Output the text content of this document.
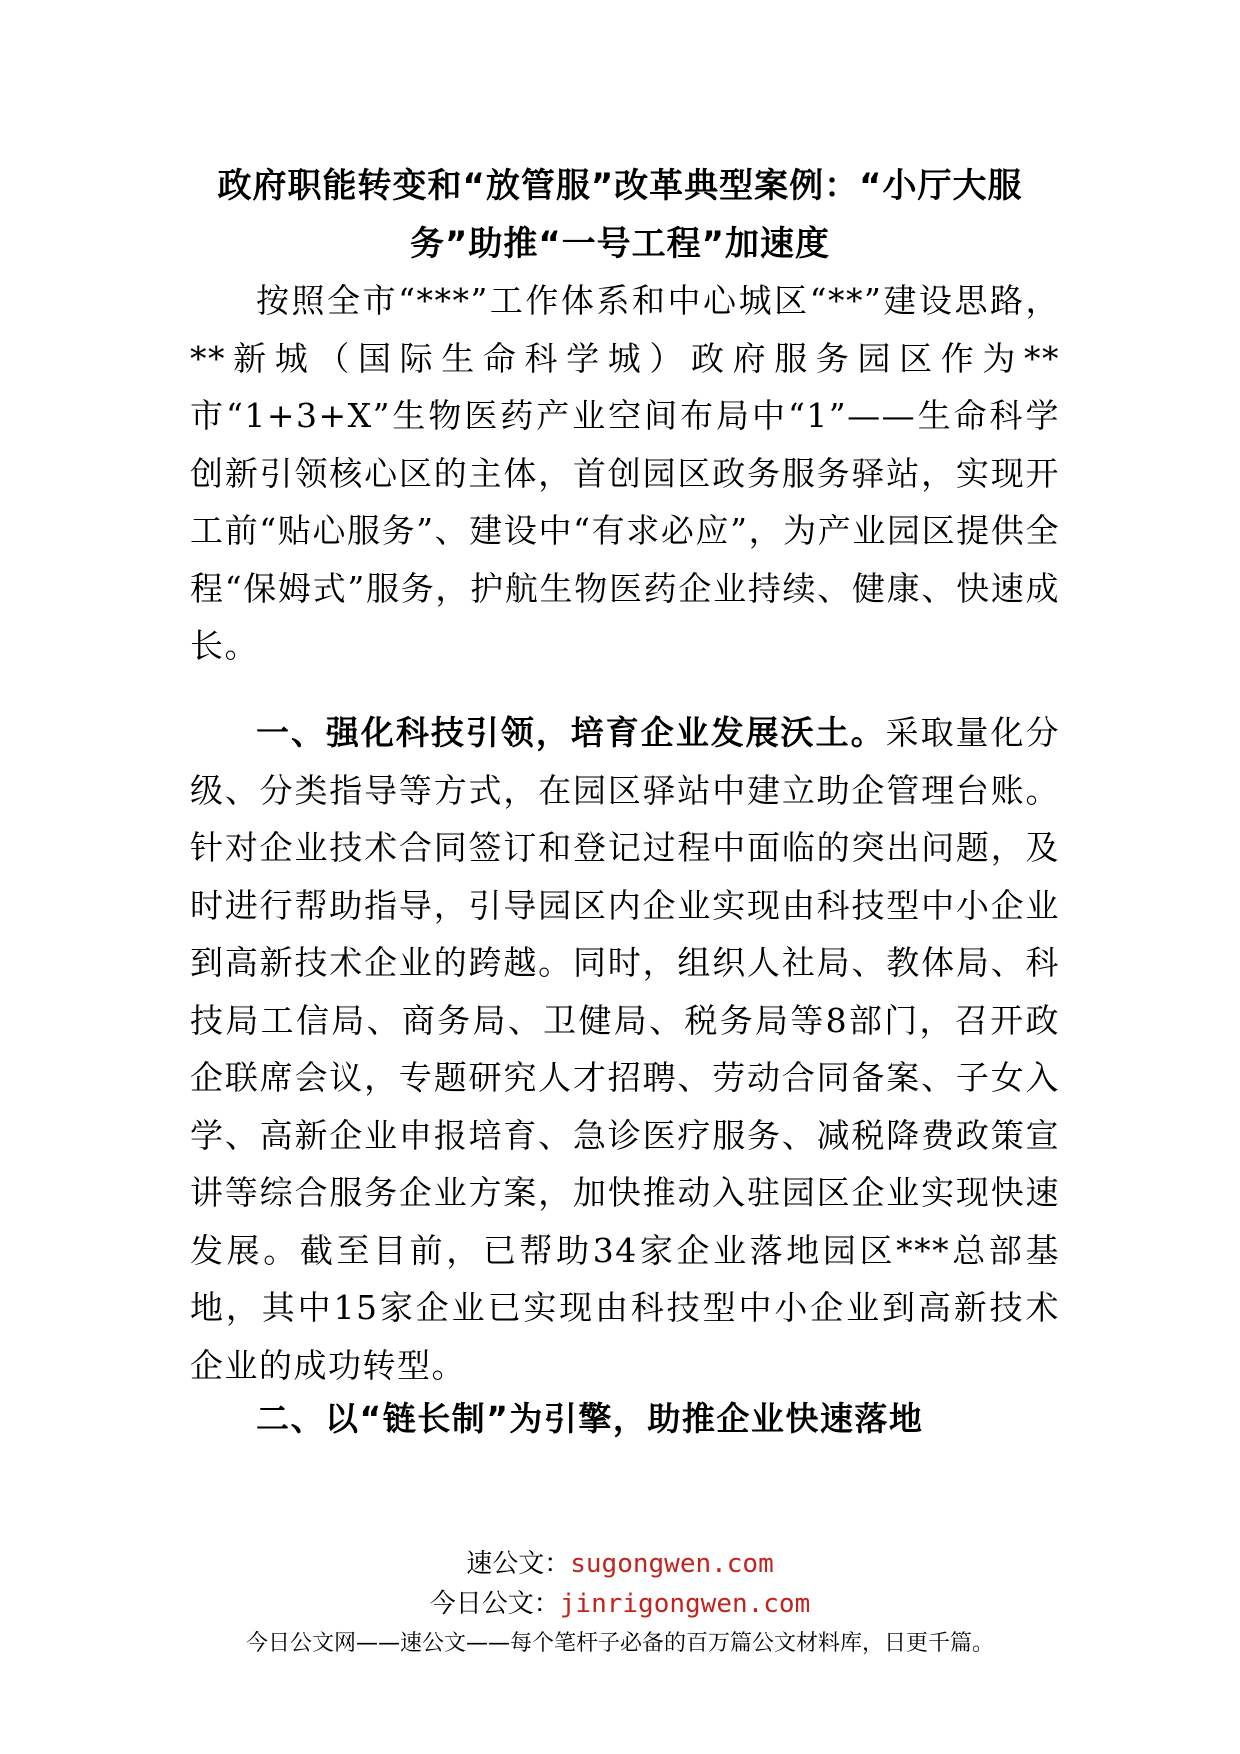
政府职能转变和“放管服”改革典型案例：“小厅大服
务”助推“一号工程”加速度

按照全市“***”工作体系和中心城区“**”建设思路，**新城（国际生命科学城）政府服务园区作为**市“1+3+X”生物医药产业空间布局中“1”——生命科学创新引领核心区的主体，首创园区政务服务驿站，实现开工前“贴心服务”、建设中“有求必应”，为产业园区提供全程“保姆式”服务，护航生物医药企业持续、健康、快速成长。

一、强化科技引领，培育企业发展沃土。采取量化分级、分类指导等方式，在园区驿站中建立助企管理台账。针对企业技术合同签订和登记过程中面临的突出问题，及时进行帮助指导，引导园区内企业实现由科技型中小企业到高新技术企业的跨越。同时，组织人社局、教体局、科技局工信局、商务局、卫健局、税务局等8部门，召开政企联席会议，专题研究人才招聘、劳动合同备案、子女入学、高新企业申报培育、急诊医疗服务、减税降费政策宣讲等综合服务企业方案，加快推动入驻园区企业实现快速发展。截至目前，已帮助34家企业落地园区***总部基地，其中15家企业已实现由科技型中小企业到高新技术企业的成功转型。

二、以“链长制”为引擎，助推企业快速落地

速公文：sugongwen.com
今日公文：jinrigongwen.com
今日公文网——速公文——每个笔杆子必备的百万篇公文材料库，日更千篇。
